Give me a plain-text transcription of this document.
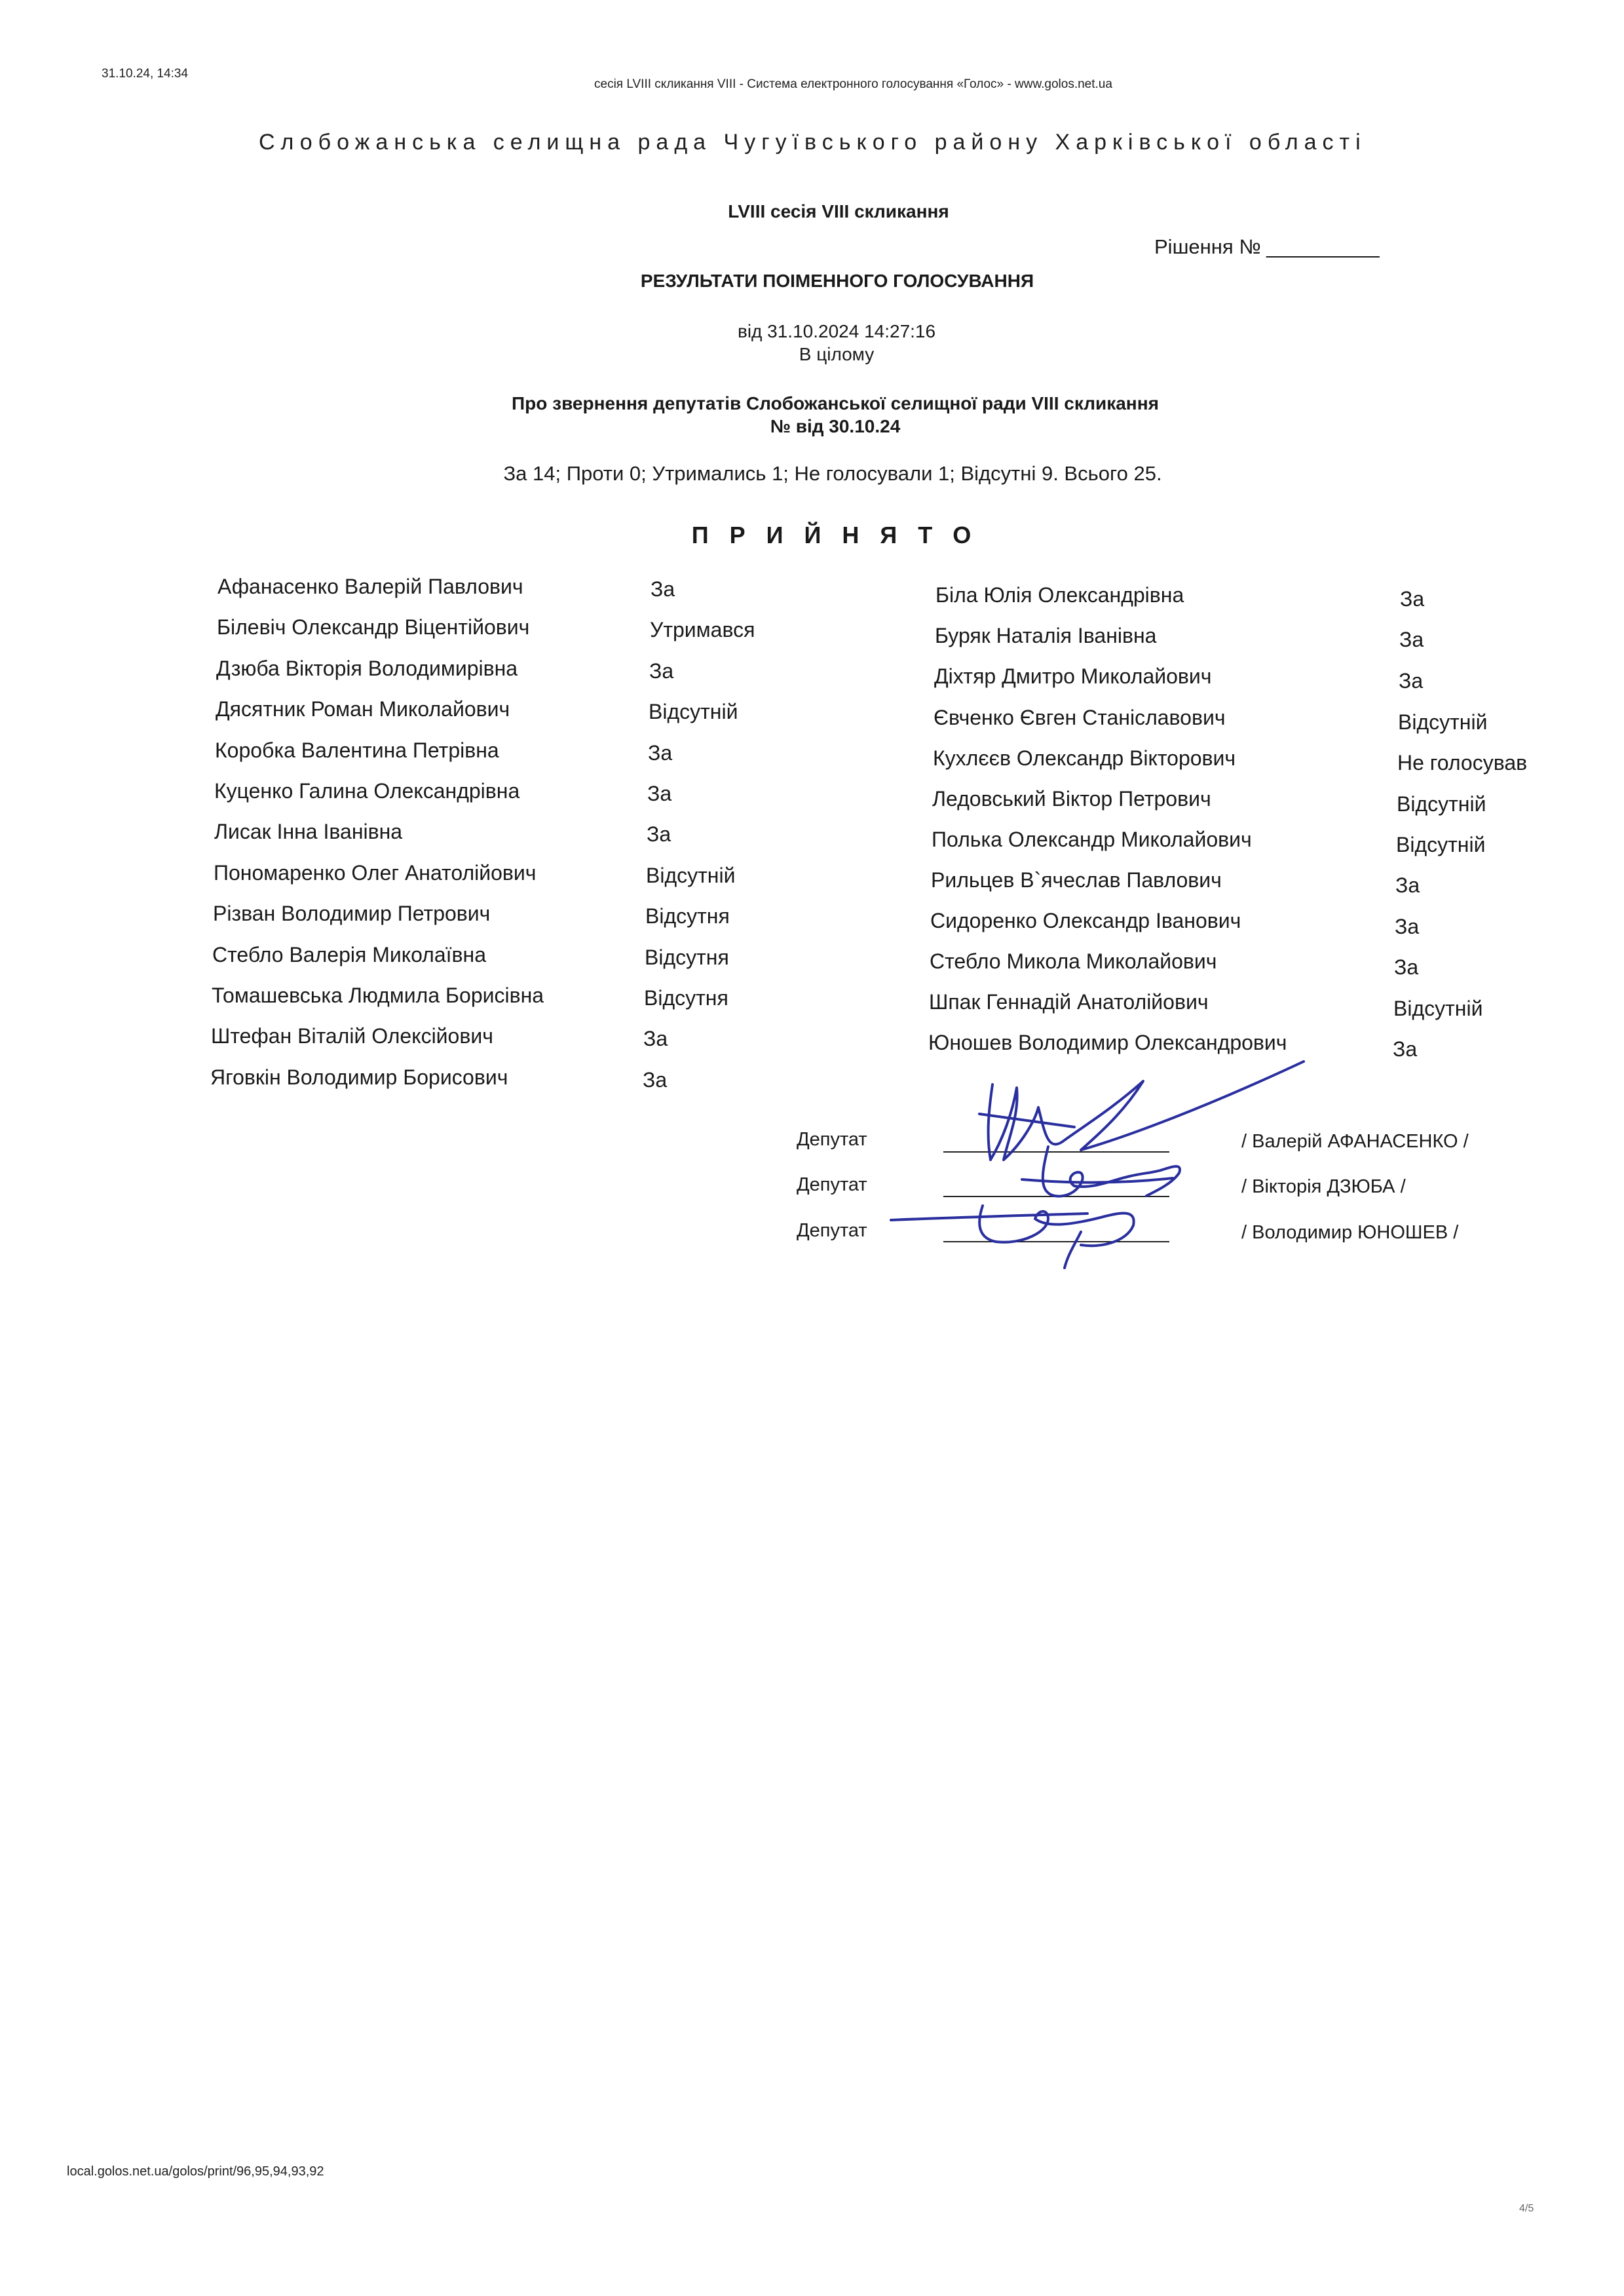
31.10.24, 14:34
сесія LVIII скликання VIII - Система електронного голосування «Голос» - www.golos.net.ua
Слобожанська селищна рада Чугуївського району Харківської області
LVIII сесія VIII скликання
Рішення № __________
РЕЗУЛЬТАТИ ПОІМЕННОГО ГОЛОСУВАННЯ
від 31.10.2024 14:27:16
В цілому
Про звернення депутатів Слобожанської селищної ради VIII скликання
№ від 30.10.24
За 14; Проти 0; Утримались 1; Не голосували 1; Відсутні 9. Всього 25.
ПРИЙНЯТО
Афанасенко Валерій Павлович	За
Білевіч Олександр Віцентійович	Утримався
Дзюба Вікторія Володимирівна	За
Дясятник Роман Миколайович	Відсутній
Коробка Валентина Петрівна	За
Куценко Галина Олександрівна	За
Лисак Інна Іванівна	За
Пономаренко Олег Анатолійович	Відсутній
Різван Володимир Петрович	Відсутня
Стебло Валерія Миколаївна	Відсутня
Томашевська Людмила Борисівна	Відсутня
Штефан Віталій Олексійович	За
Яговкін Володимир Борисович	За
Біла Юлія Олександрівна	За
Буряк Наталія Іванівна	За
Діхтяр Дмитро Миколайович	За
Євченко Євген Станіславович	Відсутній
Кухлєєв Олександр Вікторович	Не голосував
Ледовський Віктор Петрович	Відсутній
Полька Олександр Миколайович	Відсутній
Рильцев В`ячеслав Павлович	За
Сидоренко Олександр Іванович	За
Стебло Микола Миколайович	За
Шпак Геннадій Анатолійович	Відсутній
Юношев Володимир Олександрович	За
Депутат	/ Валерій АФАНАСЕНКО /
Депутат	/ Вікторія ДЗЮБА /
Депутат	/ Володимир ЮНОШЕВ /
local.golos.net.ua/golos/print/96,95,94,93,92
4/5
